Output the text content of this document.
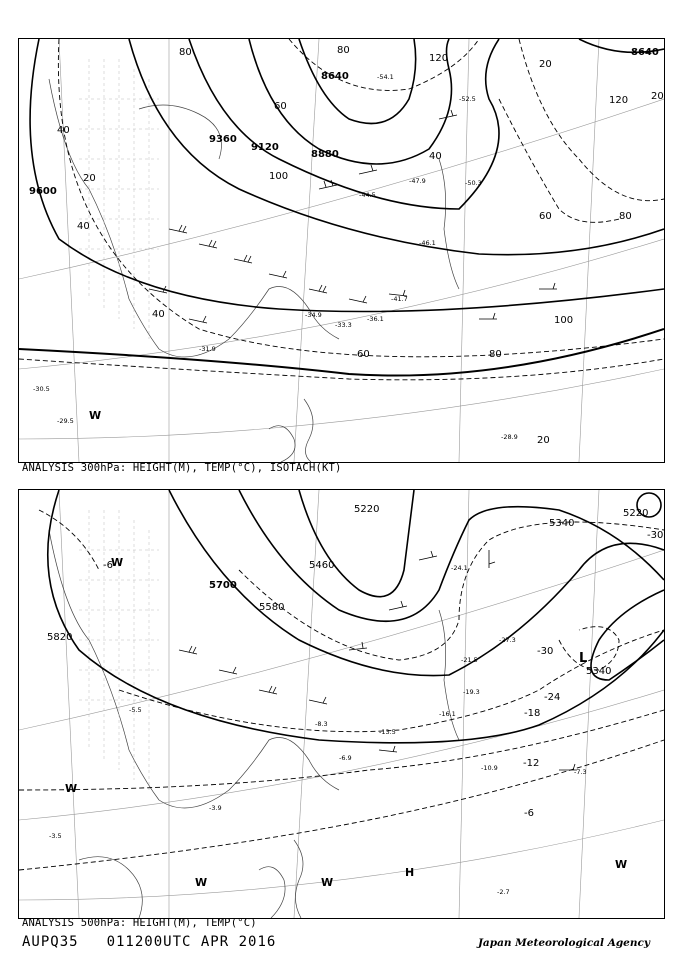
9600
9360
9120
8880
8640
8640
20
40
40
60
80	80
100
120
40
60	80
100
120
80
60
40
20
20
20
W
-28.9
-30.5
-29.5
-31.9
-33.3
-34.9	-36.1
-41.7
-44.5
-46.1
-47.9	-50.3
-52.5
-54.1
ANALYSIS 300hPa: HEIGHT(M), TEMP(°C), ISOTACH(KT)
5820
5700
5580
5460
5340
5220	5220
5340
-6
-12
-18
-24
-30
-30
-6
H
L
W
W
W	W
W
-2.7
-3.5
-3.9
-5.5
-6.9
-7.3
-8.3
-10.9
-13.5
-16.1
-19.3
-21.5
-24.1
-27.3
ANALYSIS 500hPa: HEIGHT(M), TEMP(°C)
AUPQ35 011200UTC APR 2016	Japan Meteorological Agency
